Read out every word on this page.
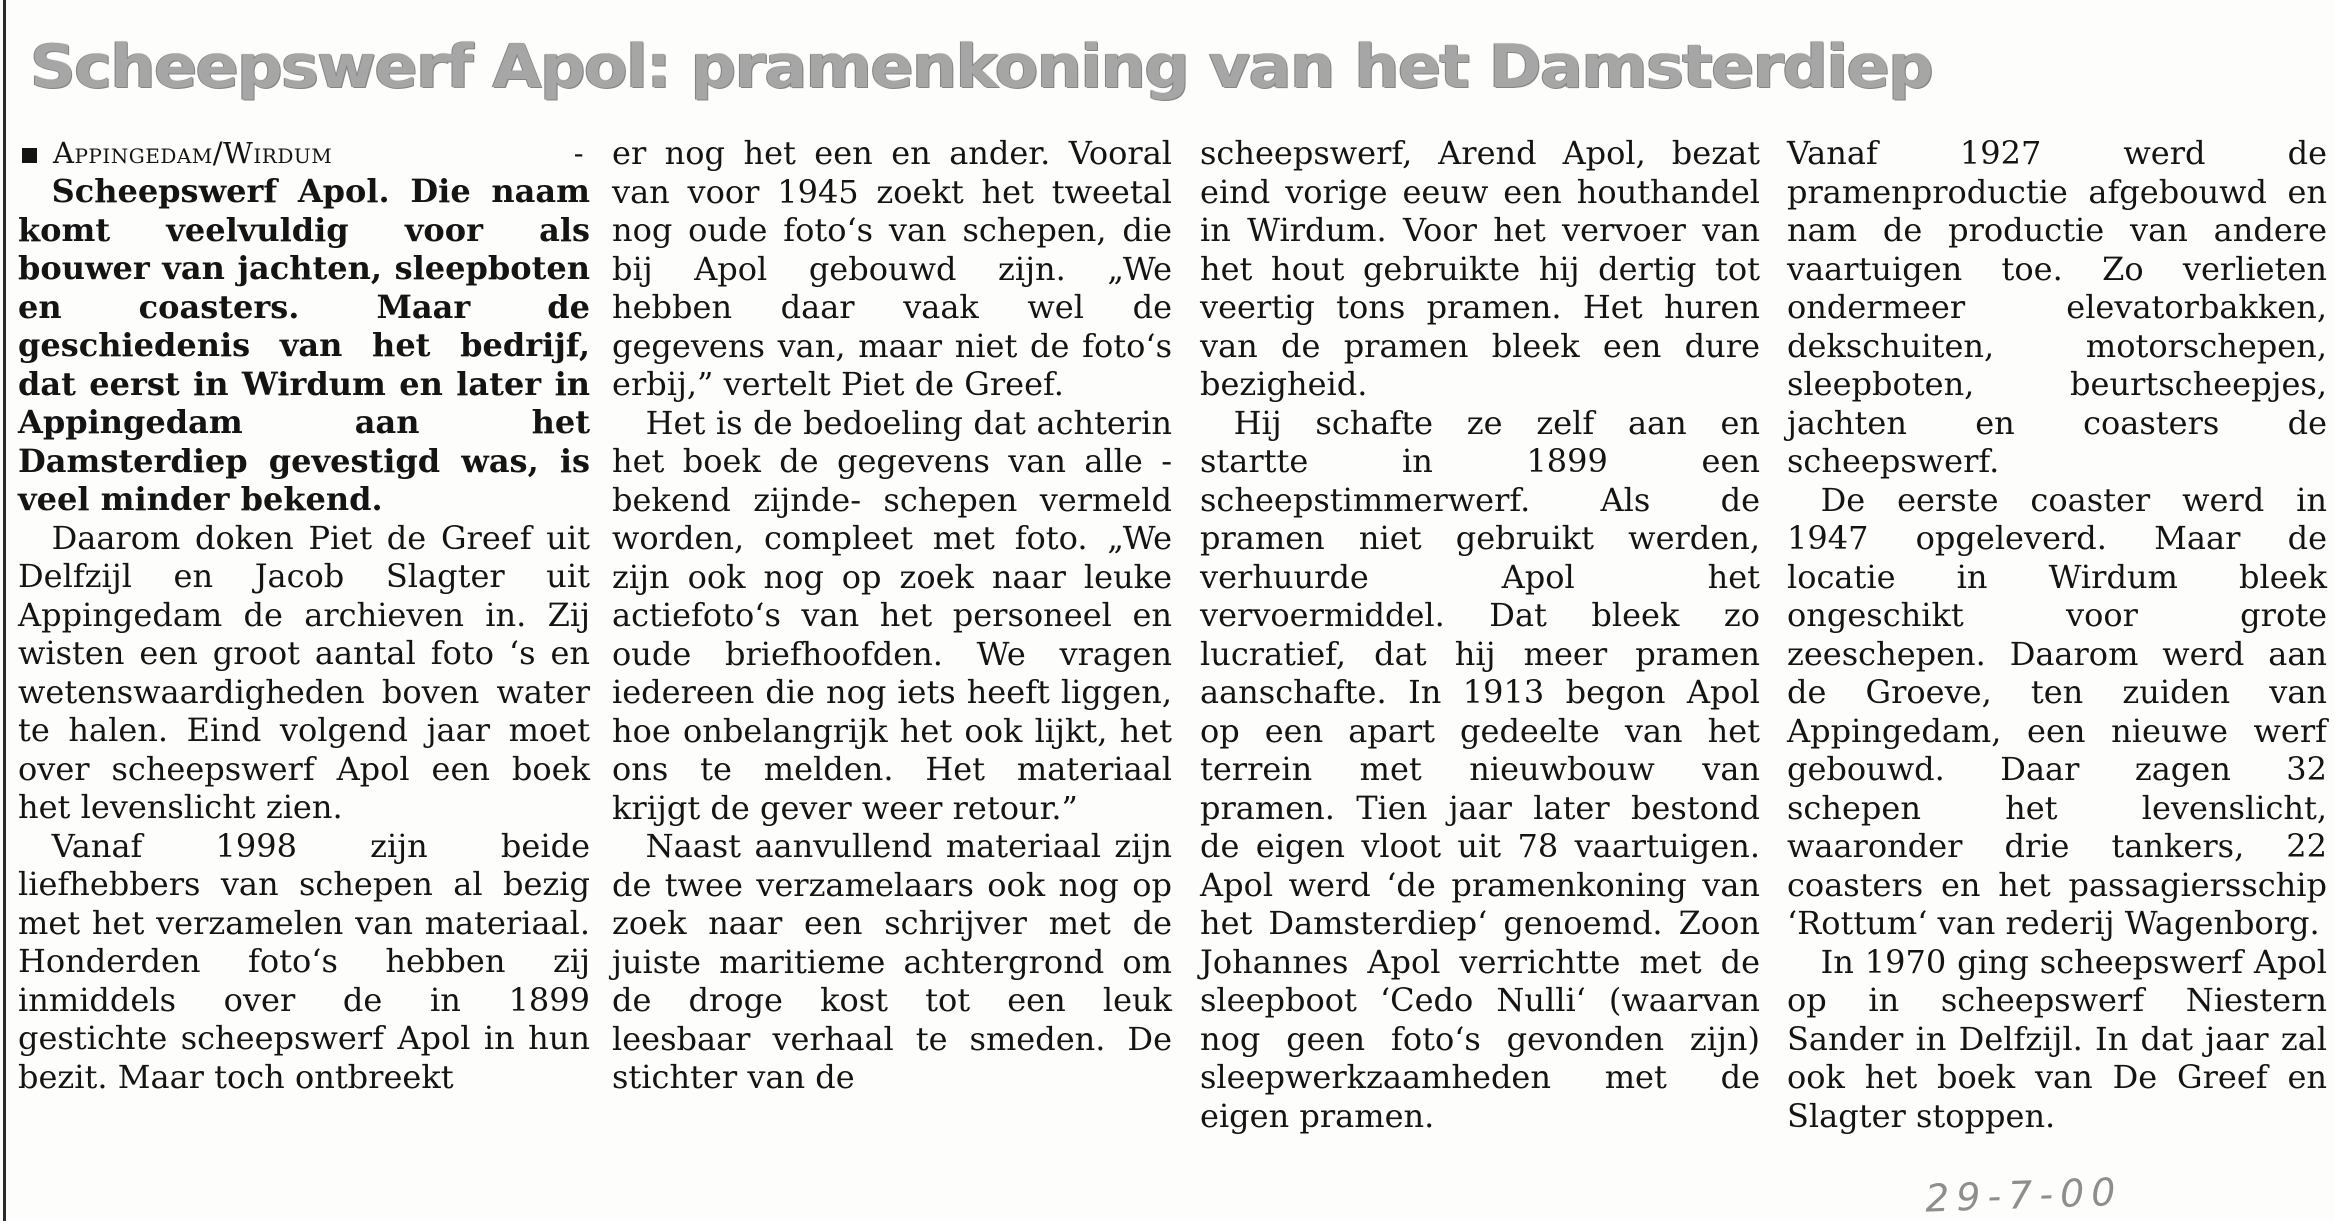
Scheepswerf Apol: pramenkoning van het Damsterdiep
Appingedam/Wirdum	-

Scheepswerf Apol. Die naam komt veelvuldig voor als bouwer van jachten, sleepboten en coasters. Maar de geschiedenis van het bedrijf, dat eerst in Wirdum en later in Appingedam aan het Damsterdiep gevestigd was, is veel minder bekend.

Daarom doken Piet de Greef uit Delfzijl en Jacob Slagter uit Appingedam de archieven in. Zij wisten een groot aantal foto ‘s en wetenswaardigheden boven water te halen. Eind volgend jaar moet over scheepswerf Apol een boek het levenslicht zien.

Vanaf 1998 zijn beide liefhebbers van schepen al bezig met het verzamelen van materiaal. Honderden foto‘s hebben zij inmiddels over de in 1899 gestichte scheepswerf Apol in hun bezit. Maar toch ontbreekt

er nog het een en ander. Vooral van voor 1945 zoekt het tweetal nog oude foto‘s van schepen, die bij Apol gebouwd zijn. „We hebben daar vaak wel de gegevens van, maar niet de foto‘s erbij,” vertelt Piet de Greef.

Het is de bedoeling dat achterin het boek de gegevens van alle -bekend zijnde- schepen vermeld worden, compleet met foto. „We zijn ook nog op zoek naar leuke actiefoto‘s van het personeel en oude briefhoofden. We vragen iedereen die nog iets heeft liggen, hoe onbelangrijk het ook lijkt, het ons te melden. Het materiaal krijgt de gever weer retour.”

Naast aanvullend materiaal zijn de twee verzamelaars ook nog op zoek naar een schrijver met de juiste maritieme achtergrond om de droge kost tot een leuk leesbaar verhaal te smeden. De stichter van de

scheepswerf, Arend Apol, bezat eind vorige eeuw een houthandel in Wirdum. Voor het vervoer van het hout gebruikte hij dertig tot veertig tons pramen. Het huren van de pramen bleek een dure bezigheid.

Hij schafte ze zelf aan en startte in 1899 een scheepstimmerwerf. Als de pramen niet gebruikt werden, verhuurde Apol het vervoermiddel. Dat bleek zo lucratief, dat hij meer pramen aanschafte. In 1913 begon Apol op een apart gedeelte van het terrein met nieuwbouw van pramen. Tien jaar later bestond de eigen vloot uit 78 vaartuigen. Apol werd ‘de pramenkoning van het Damsterdiep‘ genoemd. Zoon Johannes Apol verrichtte met de sleepboot ‘Cedo Nulli‘ (waarvan nog geen foto‘s gevonden zijn) sleepwerkzaamheden met de eigen pramen.

Vanaf 1927 werd de pramenproductie afgebouwd en nam de productie van andere vaartuigen toe. Zo verlieten ondermeer elevatorbakken, dekschuiten, motorschepen, sleepboten, beurtscheepjes, jachten en coasters de scheepswerf.

De eerste coaster werd in 1947 opgeleverd. Maar de locatie in Wirdum bleek ongeschikt voor grote zeeschepen. Daarom werd aan de Groeve, ten zuiden van Appingedam, een nieuwe werf gebouwd. Daar zagen 32 schepen het levenslicht, waaronder drie tankers, 22 coasters en het passagiersschip ‘Rottum‘ van rederij Wagenborg.

In 1970 ging scheepswerf Apol op in scheepswerf Niestern Sander in Delfzijl. In dat jaar zal ook het boek van De Greef en Slagter stoppen.

29-7-00
